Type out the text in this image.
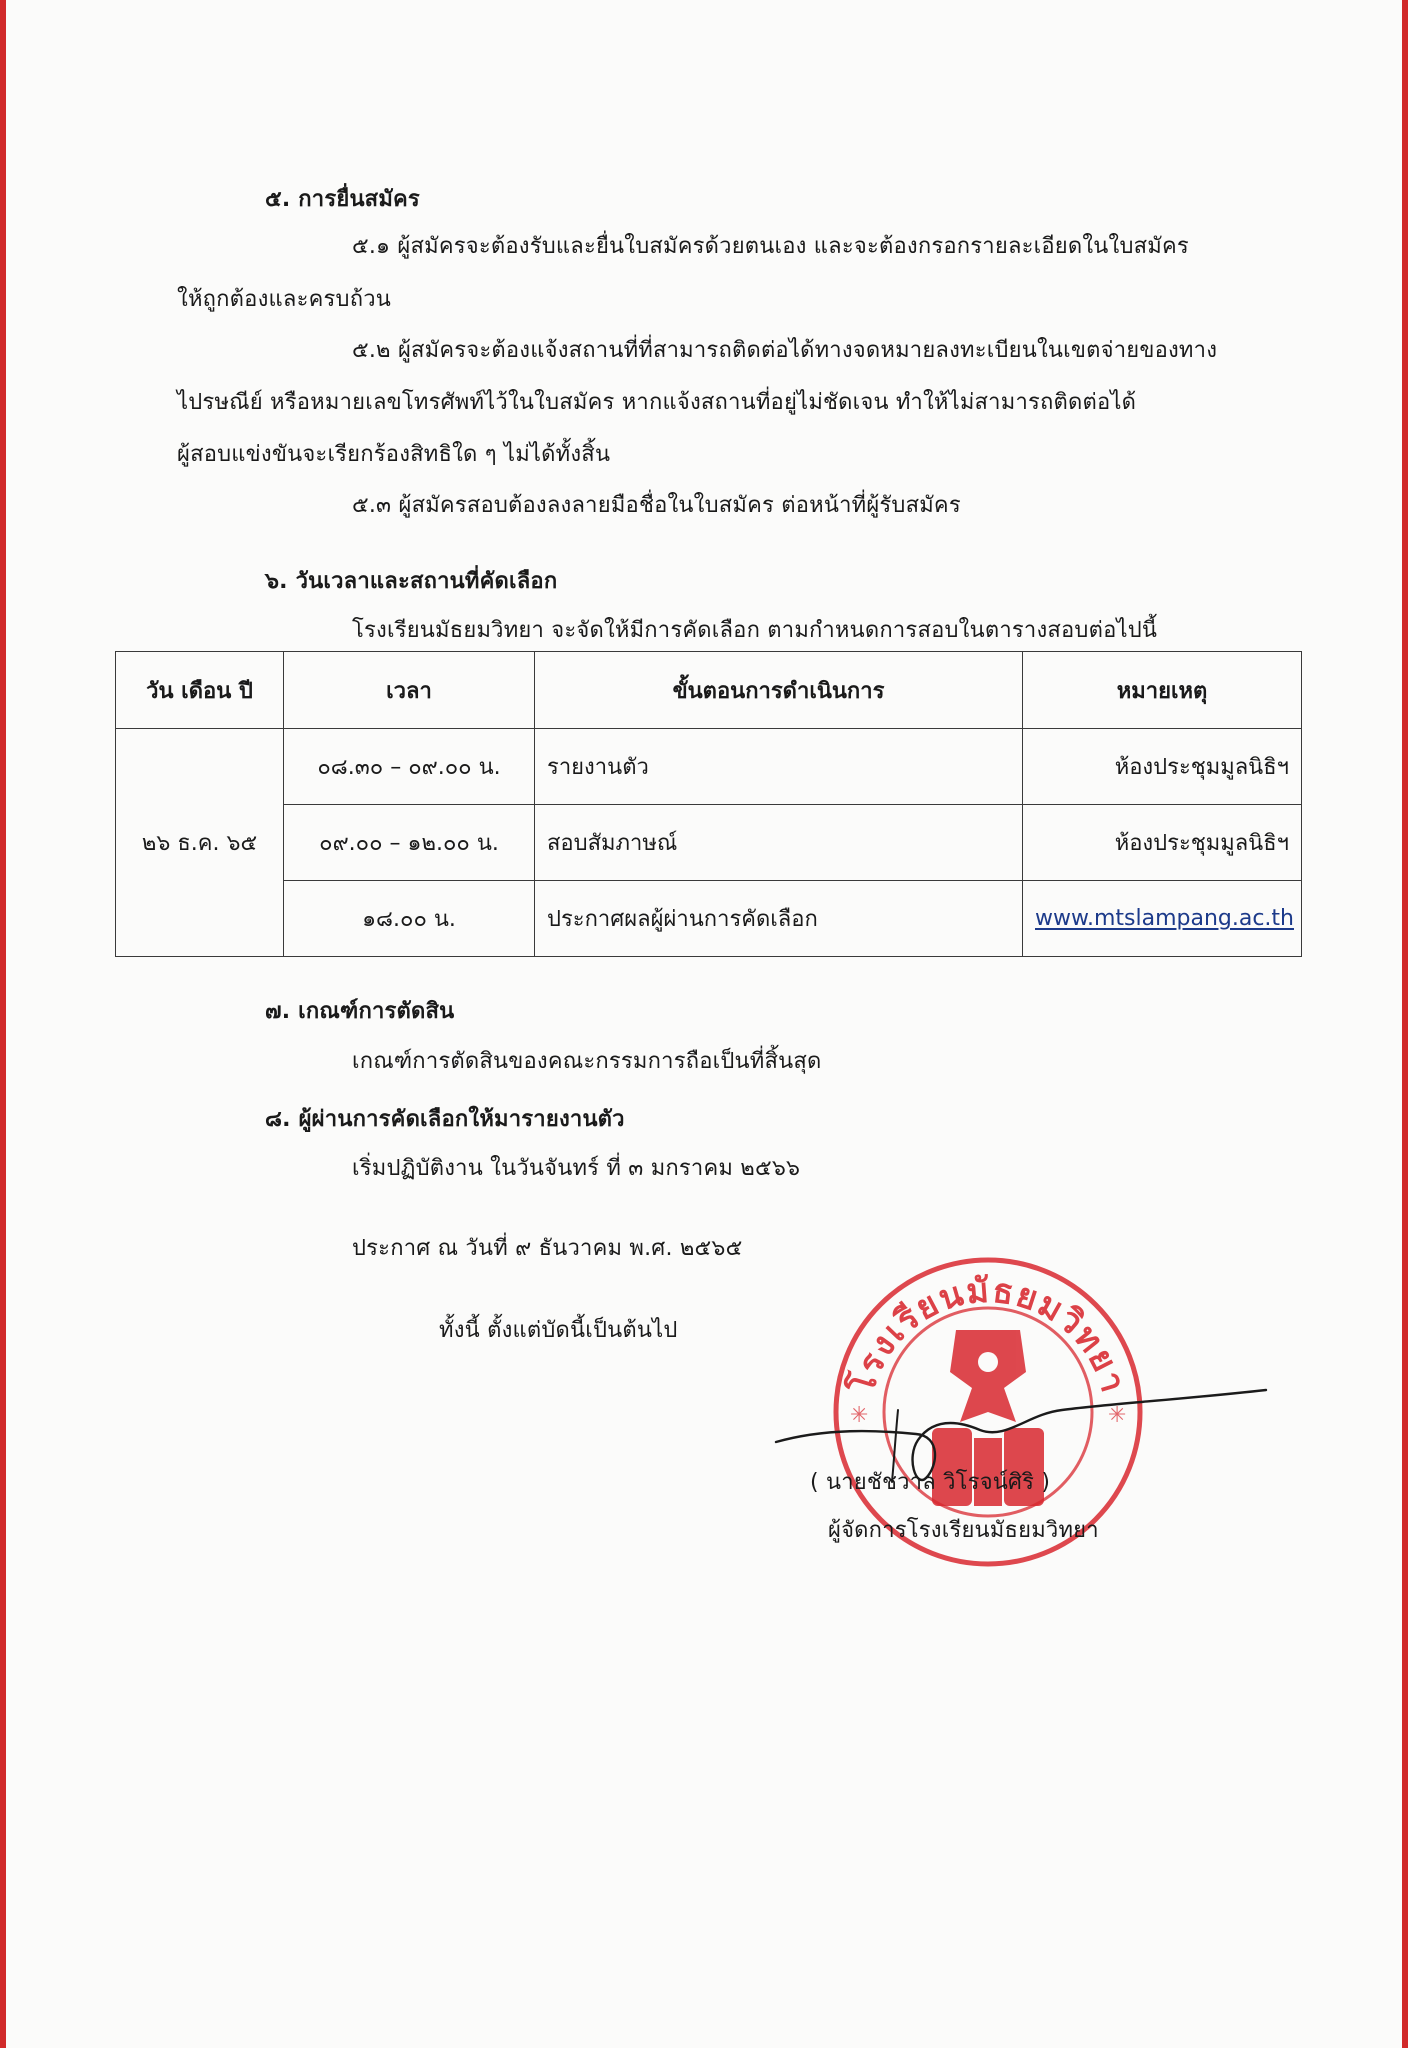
๕. การยื่นสมัคร
๕.๑ ผู้สมัครจะต้องรับและยื่นใบสมัครด้วยตนเอง และจะต้องกรอกรายละเอียดในใบสมัคร
ให้ถูกต้องและครบถ้วน
๕.๒ ผู้สมัครจะต้องแจ้งสถานที่ที่สามารถติดต่อได้ทางจดหมายลงทะเบียนในเขตจ่ายของทาง
ไปรษณีย์ หรือหมายเลขโทรศัพท์ไว้ในใบสมัคร หากแจ้งสถานที่อยู่ไม่ชัดเจน ทำให้ไม่สามารถติดต่อได้
ผู้สอบแข่งขันจะเรียกร้องสิทธิใด ๆ ไม่ได้ทั้งสิ้น
๕.๓ ผู้สมัครสอบต้องลงลายมือชื่อในใบสมัคร ต่อหน้าที่ผู้รับสมัคร
๖. วันเวลาและสถานที่คัดเลือก
โรงเรียนมัธยมวิทยา จะจัดให้มีการคัดเลือก ตามกำหนดการสอบในตารางสอบต่อไปนี้
วัน เดือน ปี	เวลา	ขั้นตอนการดำเนินการ	หมายเหตุ
๒๖ ธ.ค. ๖๕	๐๘.๓๐ – ๐๙.๐๐ น.	รายงานตัว	ห้องประชุมมูลนิธิฯ
	๐๙.๐๐ – ๑๒.๐๐ น.	สอบสัมภาษณ์	ห้องประชุมมูลนิธิฯ
	๑๘.๐๐ น.	ประกาศผลผู้ผ่านการคัดเลือก	www.mtslampang.ac.th
๗. เกณฑ์การตัดสิน
เกณฑ์การตัดสินของคณะกรรมการถือเป็นที่สิ้นสุด
๘. ผู้ผ่านการคัดเลือกให้มารายงานตัว
เริ่มปฏิบัติงาน ในวันจันทร์ ที่ ๓ มกราคม ๒๕๖๖
ประกาศ ณ วันที่ ๙ ธันวาคม พ.ศ. ๒๕๖๕
ทั้งนี้ ตั้งแต่บัดนี้เป็นต้นไป
โรงเรียนมัธยมวิทยา
✳	✳
( นายชัชวาล วิโรจน์ศิริ )
ผู้จัดการโรงเรียนมัธยมวิทยา
